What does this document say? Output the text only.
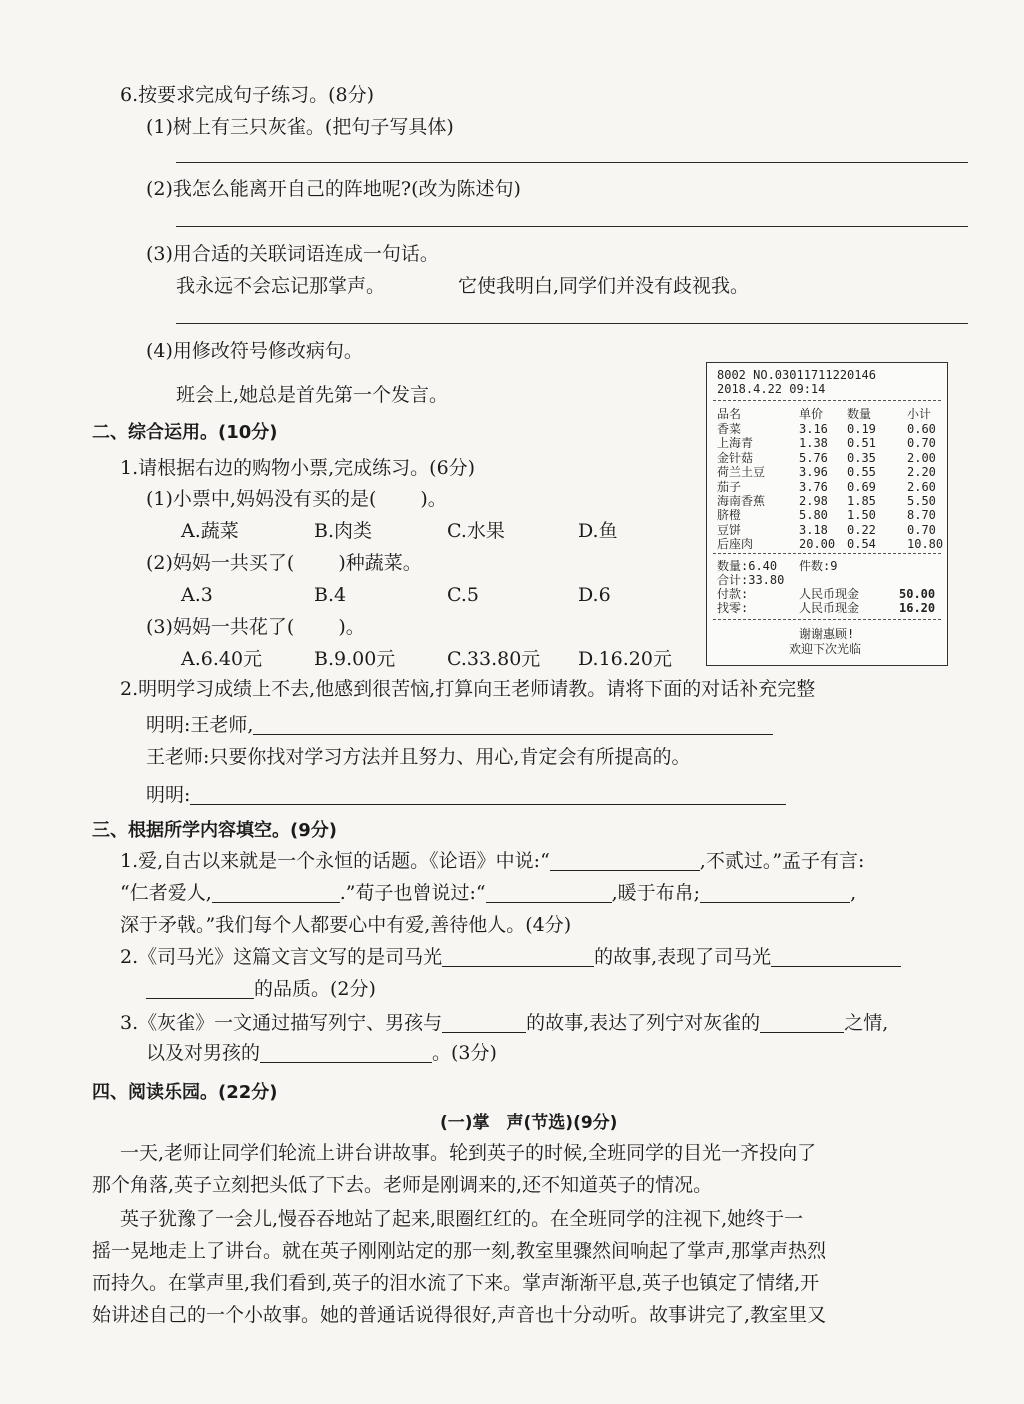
6.按要求完成句子练习。(8分)
(1)树上有三只灰雀。(把句子写具体)
(2)我怎么能离开自己的阵地呢?(改为陈述句)
(3)用合适的关联词语连成一句话。
我永远不会忘记那掌声。	它使我明白,同学们并没有歧视我。
(4)用修改符号修改病句。
班会上,她总是首先第一个发言。
二、综合运用。(10分)
1.请根据右边的购物小票,完成练习。(6分)
(1)小票中,妈妈没有买的是( )。
A.蔬菜	B.肉类	C.水果	D.鱼
(2)妈妈一共买了( )种蔬菜。
A.3	B.4	C.5	D.6
(3)妈妈一共花了( )。
A.6.40元	B.9.00元	C.33.80元 D.16.20元
8002 NO.03011711220146
2018.4.22 09:14
品名	单价 数量	小计
香菜	3.16 0.19	0.60
上海青	1.38 0.51	0.70
金针菇	5.76 0.35	2.00
荷兰土豆	3.96 0.55	2.20
茄子	3.76 0.69	2.60
海南香蕉	2.98 1.85	5.50
脐橙	5.80 1.50	8.70
豆饼	3.18 0.22	0.70
后座肉	20.00 0.54	10.80
数量:6.40 件数:9
合计:33.80
付款:	人民币现金	50.00
找零:	人民币现金	16.20
谢谢惠顾!
欢迎下次光临
2.明明学习成绩上不去,他感到很苦恼,打算向王老师请教。请将下面的对话补充完整
明明:王老师,
王老师:只要你找对学习方法并且努力、用心,肯定会有所提高的。
明明:
三、根据所学内容填空。(9分)
1.爱,自古以来就是一个永恒的话题。《论语》中说:“	,不贰过。”孟子有言:
“仁者爱人,	.”荀子也曾说过:“	,暖于布帛;	,
深于矛戟。”我们每个人都要心中有爱,善待他人。(4分)
2.《司马光》这篇文言文写的是司马光	的故事,表现了司马光
的品质。(2分)
3.《灰雀》一文通过描写列宁、男孩与	的故事,表达了列宁对灰雀的	之情,
以及对男孩的	。(3分)
四、阅读乐园。(22分)
(一)掌　声(节选)(9分)
一天,老师让同学们轮流上讲台讲故事。轮到英子的时候,全班同学的目光一齐投向了
那个角落,英子立刻把头低了下去。老师是刚调来的,还不知道英子的情况。
英子犹豫了一会儿,慢吞吞地站了起来,眼圈红红的。在全班同学的注视下,她终于一
摇一晃地走上了讲台。就在英子刚刚站定的那一刻,教室里骤然间响起了掌声,那掌声热烈
而持久。在掌声里,我们看到,英子的泪水流了下来。掌声渐渐平息,英子也镇定了情绪,开
始讲述自己的一个小故事。她的普通话说得很好,声音也十分动听。故事讲完了,教室里又
